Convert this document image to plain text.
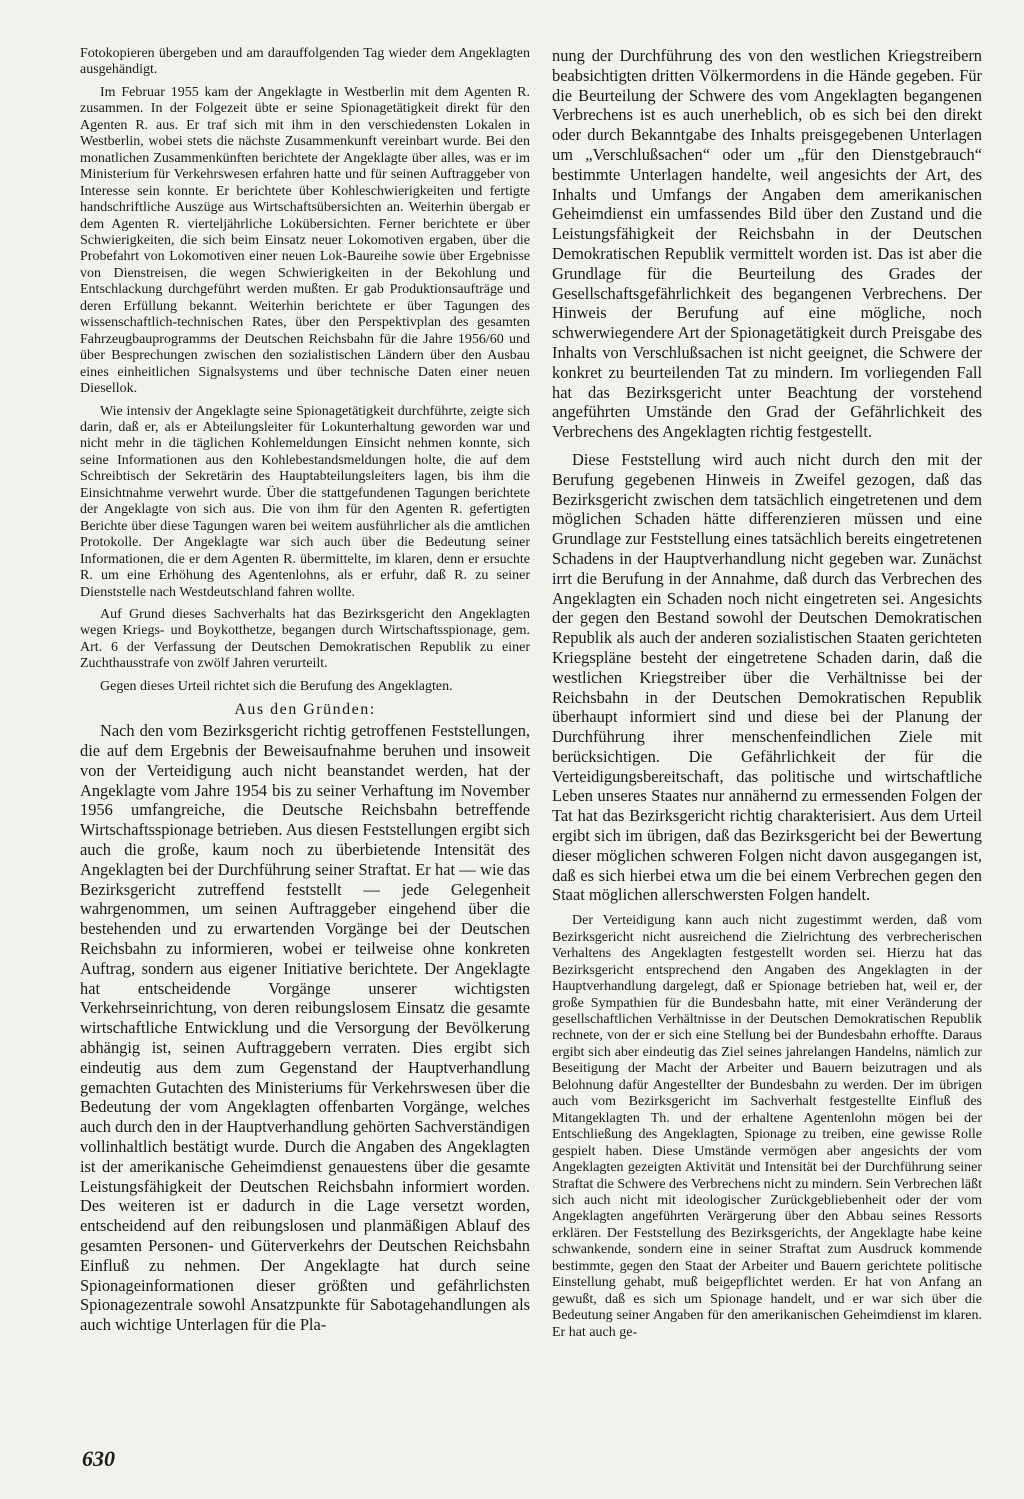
Fotokopieren übergeben und am darauffolgenden Tag wieder dem Angeklagten ausgehändigt.

Im Februar 1955 kam der Angeklagte in Westberlin mit dem Agenten R. zusammen. In der Folgezeit übte er seine Spionagetätigkeit direkt für den Agenten R. aus. Er traf sich mit ihm in den verschiedensten Lokalen in Westberlin, wobei stets die nächste Zusammenkunft vereinbart wurde. Bei den monatlichen Zusammenkünften berichtete der Angeklagte über alles, was er im Ministerium für Verkehrswesen erfahren hatte und für seinen Auftraggeber von Interesse sein konnte. Er berichtete über Kohleschwierigkeiten und fertigte handschriftliche Auszüge aus Wirtschaftsübersichten an. Weiterhin übergab er dem Agenten R. vierteljährliche Lokübersichten. Ferner berichtete er über Schwierigkeiten, die sich beim Einsatz neuer Lokomotiven ergaben, über die Probefahrt von Lokomotiven einer neuen Lok-Baureihe sowie über Ergebnisse von Dienstreisen, die wegen Schwierigkeiten in der Bekohlung und Entschlackung durchgeführt werden mußten. Er gab Produktionsaufträge und deren Erfüllung bekannt. Weiterhin berichtete er über Tagungen des wissenschaftlich-technischen Rates, über den Perspektivplan des gesamten Fahrzeugbauprogramms der Deutschen Reichsbahn für die Jahre 1956/60 und über Besprechungen zwischen den sozialistischen Ländern über den Ausbau eines einheitlichen Signalsystems und über technische Daten einer neuen Diesellok.

Wie intensiv der Angeklagte seine Spionagetätigkeit durchführte, zeigte sich darin, daß er, als er Abteilungsleiter für Lokunterhaltung geworden war und nicht mehr in die täglichen Kohlemeldungen Einsicht nehmen konnte, sich seine Informationen aus den Kohlebestandsmeldungen holte, die auf dem Schreibtisch der Sekretärin des Hauptabteilungsleiters lagen, bis ihm die Einsichtnahme verwehrt wurde. Über die stattgefundenen Tagungen berichtete der Angeklagte von sich aus. Die von ihm für den Agenten R. gefertigten Berichte über diese Tagungen waren bei weitem ausführlicher als die amtlichen Protokolle. Der Angeklagte war sich auch über die Bedeutung seiner Informationen, die er dem Agenten R. übermittelte, im klaren, denn er ersuchte R. um eine Erhöhung des Agentenlohns, als er erfuhr, daß R. zu seiner Dienststelle nach Westdeutschland fahren wollte.

Auf Grund dieses Sachverhalts hat das Bezirksgericht den Angeklagten wegen Kriegs- und Boykotthetze, begangen durch Wirtschaftsspionage, gem. Art. 6 der Verfassung der Deutschen Demokratischen Republik zu einer Zuchthausstrafe von zwölf Jahren verurteilt.

Gegen dieses Urteil richtet sich die Berufung des Angeklagten.

Aus den Gründen:

Nach den vom Bezirksgericht richtig getroffenen Feststellungen, die auf dem Ergebnis der Beweisaufnahme beruhen und insoweit von der Verteidigung auch nicht beanstandet werden, hat der Angeklagte vom Jahre 1954 bis zu seiner Verhaftung im November 1956 umfangreiche, die Deutsche Reichsbahn betreffende Wirtschaftsspionage betrieben. Aus diesen Feststellungen ergibt sich auch die große, kaum noch zu überbietende Intensität des Angeklagten bei der Durchführung seiner Straftat. Er hat — wie das Bezirksgericht zutreffend feststellt — jede Gelegenheit wahrgenommen, um seinen Auftraggeber eingehend über die bestehenden und zu erwartenden Vorgänge bei der Deutschen Reichsbahn zu informieren, wobei er teilweise ohne konkreten Auftrag, sondern aus eigener Initiative berichtete. Der Angeklagte hat entscheidende Vorgänge unserer wichtigsten Verkehrseinrichtung, von deren reibungslosem Einsatz die gesamte wirtschaftliche Entwicklung und die Versorgung der Bevölkerung abhängig ist, seinen Auftraggebern verraten. Dies ergibt sich eindeutig aus dem zum Gegenstand der Hauptverhandlung gemachten Gutachten des Ministeriums für Verkehrswesen über die Bedeutung der vom Angeklagten offenbarten Vorgänge, welches auch durch den in der Hauptverhandlung gehörten Sachverständigen vollinhaltlich bestätigt wurde. Durch die Angaben des Angeklagten ist der amerikanische Geheimdienst genauestens über die gesamte Leistungsfähigkeit der Deutschen Reichsbahn informiert worden. Des weiteren ist er dadurch in die Lage versetzt worden, entscheidend auf den reibungslosen und planmäßigen Ablauf des gesamten Personen- und Güterverkehrs der Deutschen Reichsbahn Einfluß zu nehmen. Der Angeklagte hat durch seine Spionageinformationen dieser größten und gefährlichsten Spionagezentrale sowohl Ansatzpunkte für Sabotagehandlungen als auch wichtige Unterlagen für die Pla-

nung der Durchführung des von den westlichen Kriegstreibern beabsichtigten dritten Völkermordens in die Hände gegeben. Für die Beurteilung der Schwere des vom Angeklagten begangenen Verbrechens ist es auch unerheblich, ob es sich bei den direkt oder durch Bekanntgabe des Inhalts preisgegebenen Unterlagen um „Verschlußsachen“ oder um „für den Dienstgebrauch“ bestimmte Unterlagen handelte, weil angesichts der Art, des Inhalts und Umfangs der Angaben dem amerikanischen Geheimdienst ein umfassendes Bild über den Zustand und die Leistungsfähigkeit der Reichsbahn in der Deutschen Demokratischen Republik vermittelt worden ist. Das ist aber die Grundlage für die Beurteilung des Grades der Gesellschaftsgefährlichkeit des begangenen Verbrechens. Der Hinweis der Berufung auf eine mögliche, noch schwerwiegendere Art der Spionagetätigkeit durch Preisgabe des Inhalts von Verschlußsachen ist nicht geeignet, die Schwere der konkret zu beurteilenden Tat zu mindern. Im vorliegenden Fall hat das Bezirksgericht unter Beachtung der vorstehend angeführten Umstände den Grad der Gefährlichkeit des Verbrechens des Angeklagten richtig festgestellt.

Diese Feststellung wird auch nicht durch den mit der Berufung gegebenen Hinweis in Zweifel gezogen, daß das Bezirksgericht zwischen dem tatsächlich eingetretenen und dem möglichen Schaden hätte differenzieren müssen und eine Grundlage zur Feststellung eines tatsächlich bereits eingetretenen Schadens in der Hauptverhandlung nicht gegeben war. Zunächst irrt die Berufung in der Annahme, daß durch das Verbrechen des Angeklagten ein Schaden noch nicht eingetreten sei. Angesichts der gegen den Bestand sowohl der Deutschen Demokratischen Republik als auch der anderen sozialistischen Staaten gerichteten Kriegspläne besteht der eingetretene Schaden darin, daß die westlichen Kriegstreiber über die Verhältnisse bei der Reichsbahn in der Deutschen Demokratischen Republik überhaupt informiert sind und diese bei der Planung der Durchführung ihrer menschenfeindlichen Ziele mit berücksichtigen. Die Gefährlichkeit der für die Verteidigungsbereitschaft, das politische und wirtschaftliche Leben unseres Staates nur annähernd zu ermessenden Folgen der Tat hat das Bezirksgericht richtig charakterisiert. Aus dem Urteil ergibt sich im übrigen, daß das Bezirksgericht bei der Bewertung dieser möglichen schweren Folgen nicht davon ausgegangen ist, daß es sich hierbei etwa um die bei einem Verbrechen gegen den Staat möglichen allerschwersten Folgen handelt.

Der Verteidigung kann auch nicht zugestimmt werden, daß vom Bezirksgericht nicht ausreichend die Zielrichtung des verbrecherischen Verhaltens des Angeklagten festgestellt worden sei. Hierzu hat das Bezirksgericht entsprechend den Angaben des Angeklagten in der Hauptverhandlung dargelegt, daß er Spionage betrieben hat, weil er, der große Sympathien für die Bundesbahn hatte, mit einer Veränderung der gesellschaftlichen Verhältnisse in der Deutschen Demokratischen Republik rechnete, von der er sich eine Stellung bei der Bundesbahn erhoffte. Daraus ergibt sich aber eindeutig das Ziel seines jahrelangen Handelns, nämlich zur Beseitigung der Macht der Arbeiter und Bauern beizutragen und als Belohnung dafür Angestellter der Bundesbahn zu werden. Der im übrigen auch vom Bezirksgericht im Sachverhalt festgestellte Einfluß des Mitangeklagten Th. und der erhaltene Agentenlohn mögen bei der Entschließung des Angeklagten, Spionage zu treiben, eine gewisse Rolle gespielt haben. Diese Umstände vermögen aber angesichts der vom Angeklagten gezeigten Aktivität und Intensität bei der Durchführung seiner Straftat die Schwere des Verbrechens nicht zu mindern. Sein Verbrechen läßt sich auch nicht mit ideologischer Zurückgebliebenheit oder der vom Angeklagten angeführten Verärgerung über den Abbau seines Ressorts erklären. Der Feststellung des Bezirksgerichts, der Angeklagte habe keine schwankende, sondern eine in seiner Straftat zum Ausdruck kommende bestimmte, gegen den Staat der Arbeiter und Bauern gerichtete politische Einstellung gehabt, muß beigepflichtet werden. Er hat von Anfang an gewußt, daß es sich um Spionage handelt, und er war sich über die Bedeutung seiner Angaben für den amerikanischen Geheimdienst im klaren. Er hat auch ge-

630
